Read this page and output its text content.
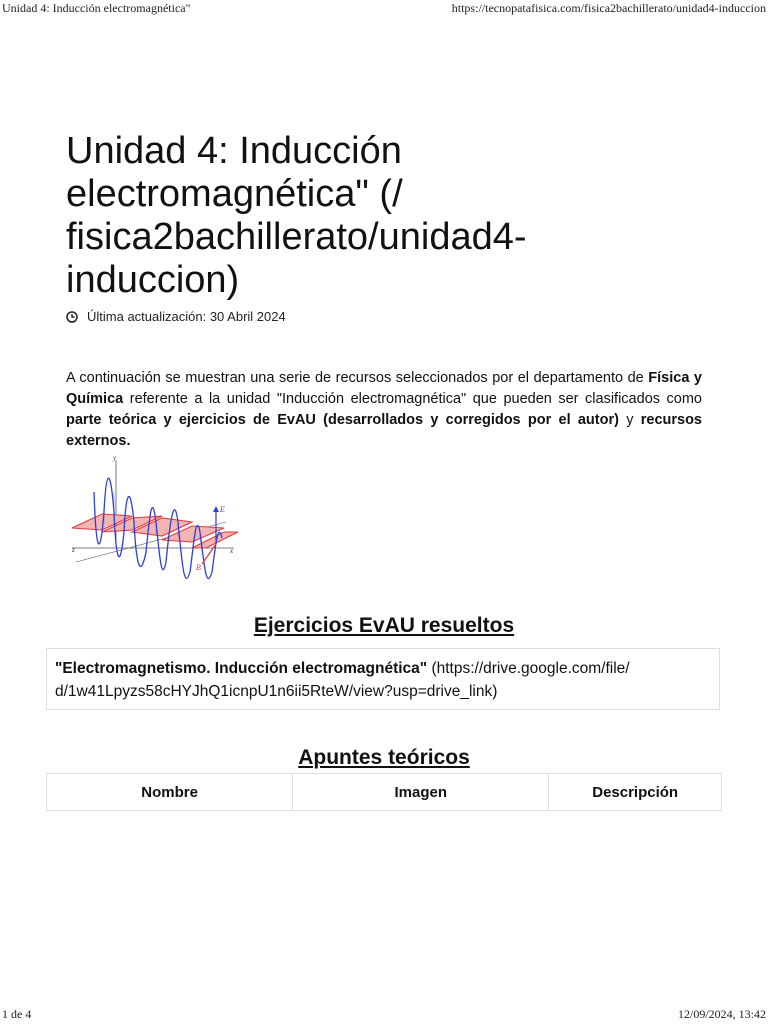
Unidad 4: Inducción electromagnética"	https://tecnopatafisica.com/fisica2bachillerato/unidad4-induccion
Unidad 4: Inducción electromagnética" (/ fisica2bachillerato/unidad4-induccion)
Última actualización: 30 Abril 2024

A continuación se muestran una serie de recursos seleccionados por el departamento de Física y Química referente a la unidad "Inducción electromagnética" que pueden ser clasificados como parte teórica y ejercicios de EvAU (desarrollados y corregidos por el autor) y recursos externos.

y
x
z
E
B
Ejercicios EvAU resueltos
"Electromagnetismo. Inducción electromagnética" (https://drive.google.com/file/ d/1w41Lpyzs58cHYJhQ1icnpU1n6ii5RteW/view?usp=drive_link)
Apuntes teóricos
Nombre	Imagen	Descripción
1 de 4	12/09/2024, 13:42
